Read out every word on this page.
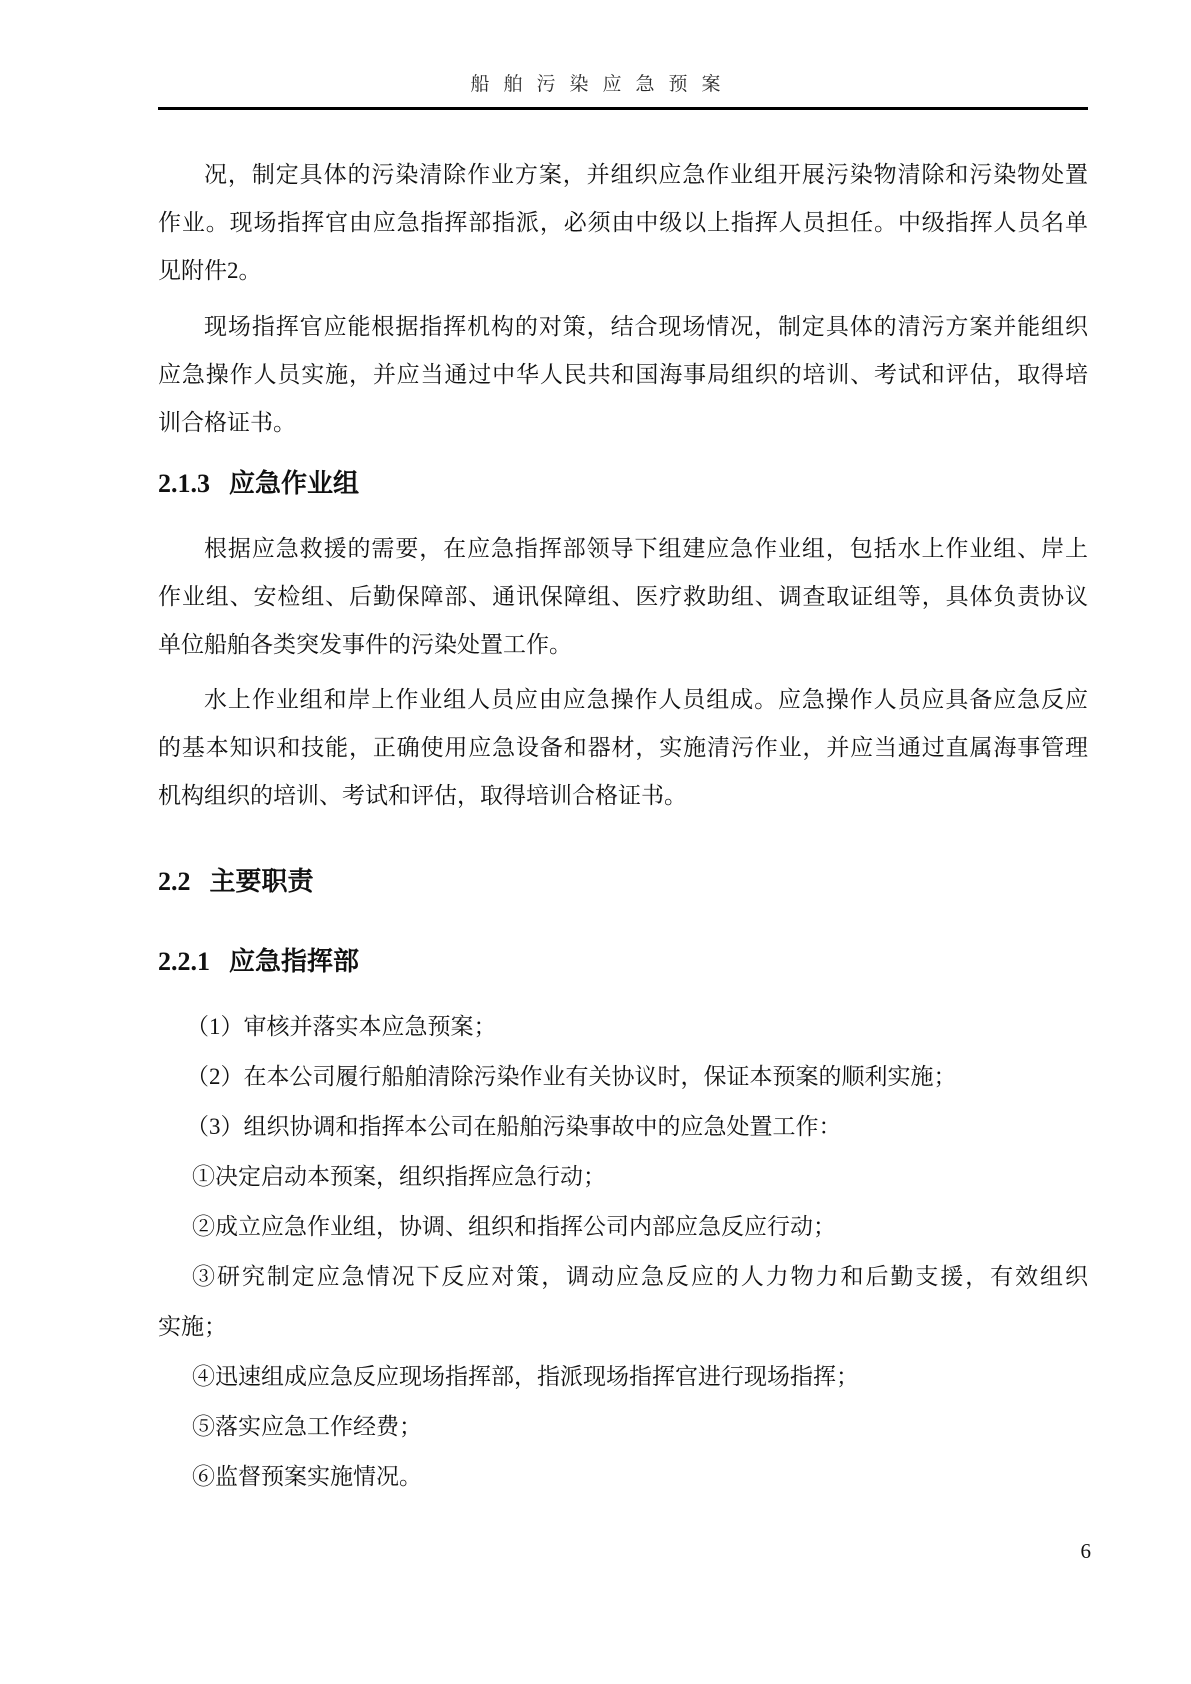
船舶污染应急预案
况，制定具体的污染清除作业方案，并组织应急作业组开展污染物清除和污染物处置
作业。现场指挥官由应急指挥部指派，必须由中级以上指挥人员担任。中级指挥人员名单
见附件2。
现场指挥官应能根据指挥机构的对策，结合现场情况，制定具体的清污方案并能组织
应急操作人员实施，并应当通过中华人民共和国海事局组织的培训、考试和评估，取得培
训合格证书。
2.1.3 应急作业组
根据应急救援的需要，在应急指挥部领导下组建应急作业组，包括水上作业组、岸上
作业组、安检组、后勤保障部、通讯保障组、医疗救助组、调查取证组等，具体负责协议
单位船舶各类突发事件的污染处置工作。
水上作业组和岸上作业组人员应由应急操作人员组成。应急操作人员应具备应急反应
的基本知识和技能，正确使用应急设备和器材，实施清污作业，并应当通过直属海事管理
机构组织的培训、考试和评估，取得培训合格证书。
2.2 主要职责
2.2.1 应急指挥部
（1）审核并落实本应急预案；
（2）在本公司履行船舶清除污染作业有关协议时，保证本预案的顺利实施；
（3）组织协调和指挥本公司在船舶污染事故中的应急处置工作：
①决定启动本预案，组织指挥应急行动；
②成立应急作业组，协调、组织和指挥公司内部应急反应行动；
③研究制定应急情况下反应对策，调动应急反应的人力物力和后勤支援，有效组织
实施；
④迅速组成应急反应现场指挥部，指派现场指挥官进行现场指挥；
⑤落实应急工作经费；
⑥监督预案实施情况。
6
